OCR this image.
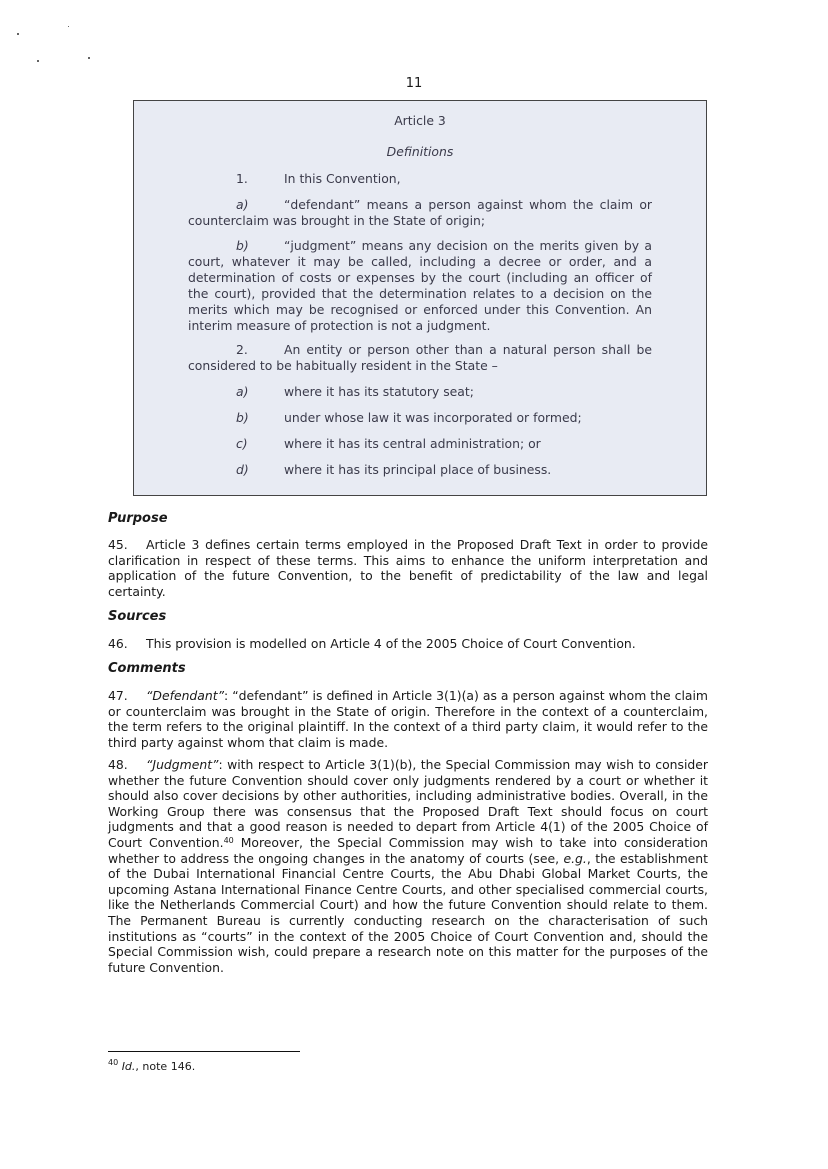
11
Article 3
Definitions
1.	In this Convention,
a)	“defendant” means a person against whom the claim or counterclaim was brought in the State of origin;
b)	“judgment” means any decision on the merits given by a court, whatever it may be called, including a decree or order, and a determination of costs or expenses by the court (including an officer of the court), provided that the determination relates to a decision on the merits which may be recognised or enforced under this Convention. An interim measure of protection is not a judgment.
2.	An entity or person other than a natural person shall be considered to be habitually resident in the State –
a)	where it has its statutory seat;
b)	under whose law it was incorporated or formed;
c)	where it has its central administration; or
d)	where it has its principal place of business.
Purpose
45. Article 3 defines certain terms employed in the Proposed Draft Text in order to provide clarification in respect of these terms. This aims to enhance the uniform interpretation and application of the future Convention, to the benefit of predictability of the law and legal certainty.
Sources
46. This provision is modelled on Article 4 of the 2005 Choice of Court Convention.
Comments
47. “Defendant”: “defendant” is defined in Article 3(1)(a) as a person against whom the claim or counterclaim was brought in the State of origin. Therefore in the context of a counterclaim, the term refers to the original plaintiff. In the context of a third party claim, it would refer to the third party against whom that claim is made.
48. “Judgment”: with respect to Article 3(1)(b), the Special Commission may wish to consider whether the future Convention should cover only judgments rendered by a court or whether it should also cover decisions by other authorities, including administrative bodies. Overall, in the Working Group there was consensus that the Proposed Draft Text should focus on court judgments and that a good reason is needed to depart from Article 4(1) of the 2005 Choice of Court Convention.$^{40}$ Moreover, the Special Commission may wish to take into consideration whether to address the ongoing changes in the anatomy of courts (see, e.g., the establishment of the Dubai International Financial Centre Courts, the Abu Dhabi Global Market Courts, the upcoming Astana International Finance Centre Courts, and other specialised commercial courts, like the Netherlands Commercial Court) and how the future Convention should relate to them. The Permanent Bureau is currently conducting research on the characterisation of such institutions as “courts” in the context of the 2005 Choice of Court Convention and, should the Special Commission wish, could prepare a research note on this matter for the purposes of the future Convention.
$^{40}$ Id., note 146.
